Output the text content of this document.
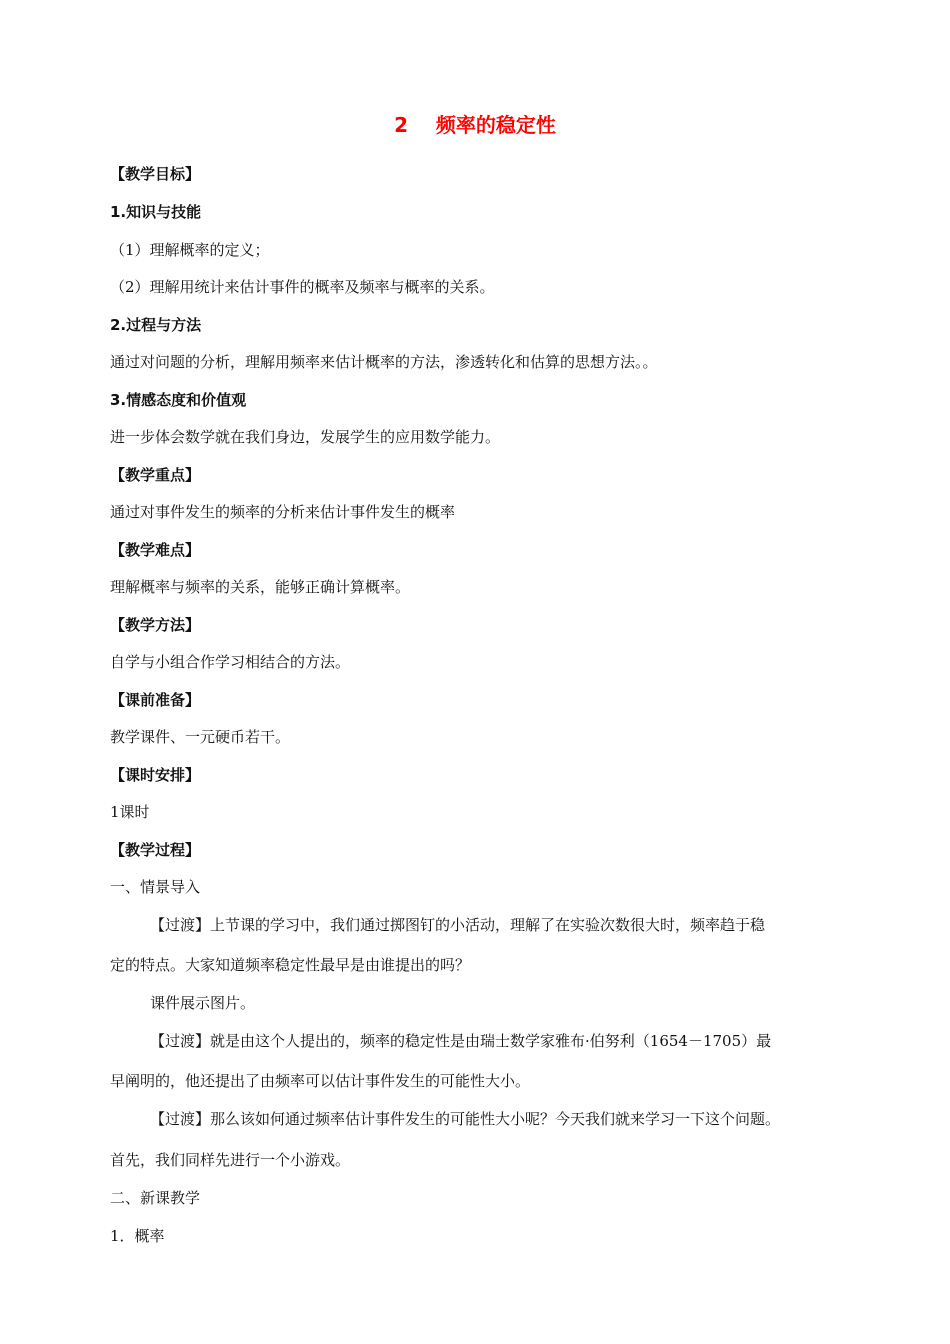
2    频率的稳定性
【教学目标】
1.知识与技能
（1）理解概率的定义；
（2）理解用统计来估计事件的概率及频率与概率的关系。
2.过程与方法
通过对问题的分析，理解用频率来估计概率的方法，渗透转化和估算的思想方法。。
3.情感态度和价值观
进一步体会数学就在我们身边，发展学生的应用数学能力。
【教学重点】
通过对事件发生的频率的分析来估计事件发生的概率
【教学难点】
理解概率与频率的关系，能够正确计算概率。
【教学方法】
自学与小组合作学习相结合的方法。
【课前准备】
教学课件、一元硬币若干。
【课时安排】
1课时
【教学过程】
一、情景导入
【过渡】上节课的学习中，我们通过掷图钉的小活动，理解了在实验次数很大时，频率趋于稳
定的特点。大家知道频率稳定性最早是由谁提出的吗？
课件展示图片。
【过渡】就是由这个人提出的，频率的稳定性是由瑞士数学家雅布·伯努利（1654－1705）最
早阐明的，他还提出了由频率可以估计事件发生的可能性大小。
【过渡】那么该如何通过频率估计事件发生的可能性大小呢？今天我们就来学习一下这个问题。
首先，我们同样先进行一个小游戏。
二、新课教学
1．概率
